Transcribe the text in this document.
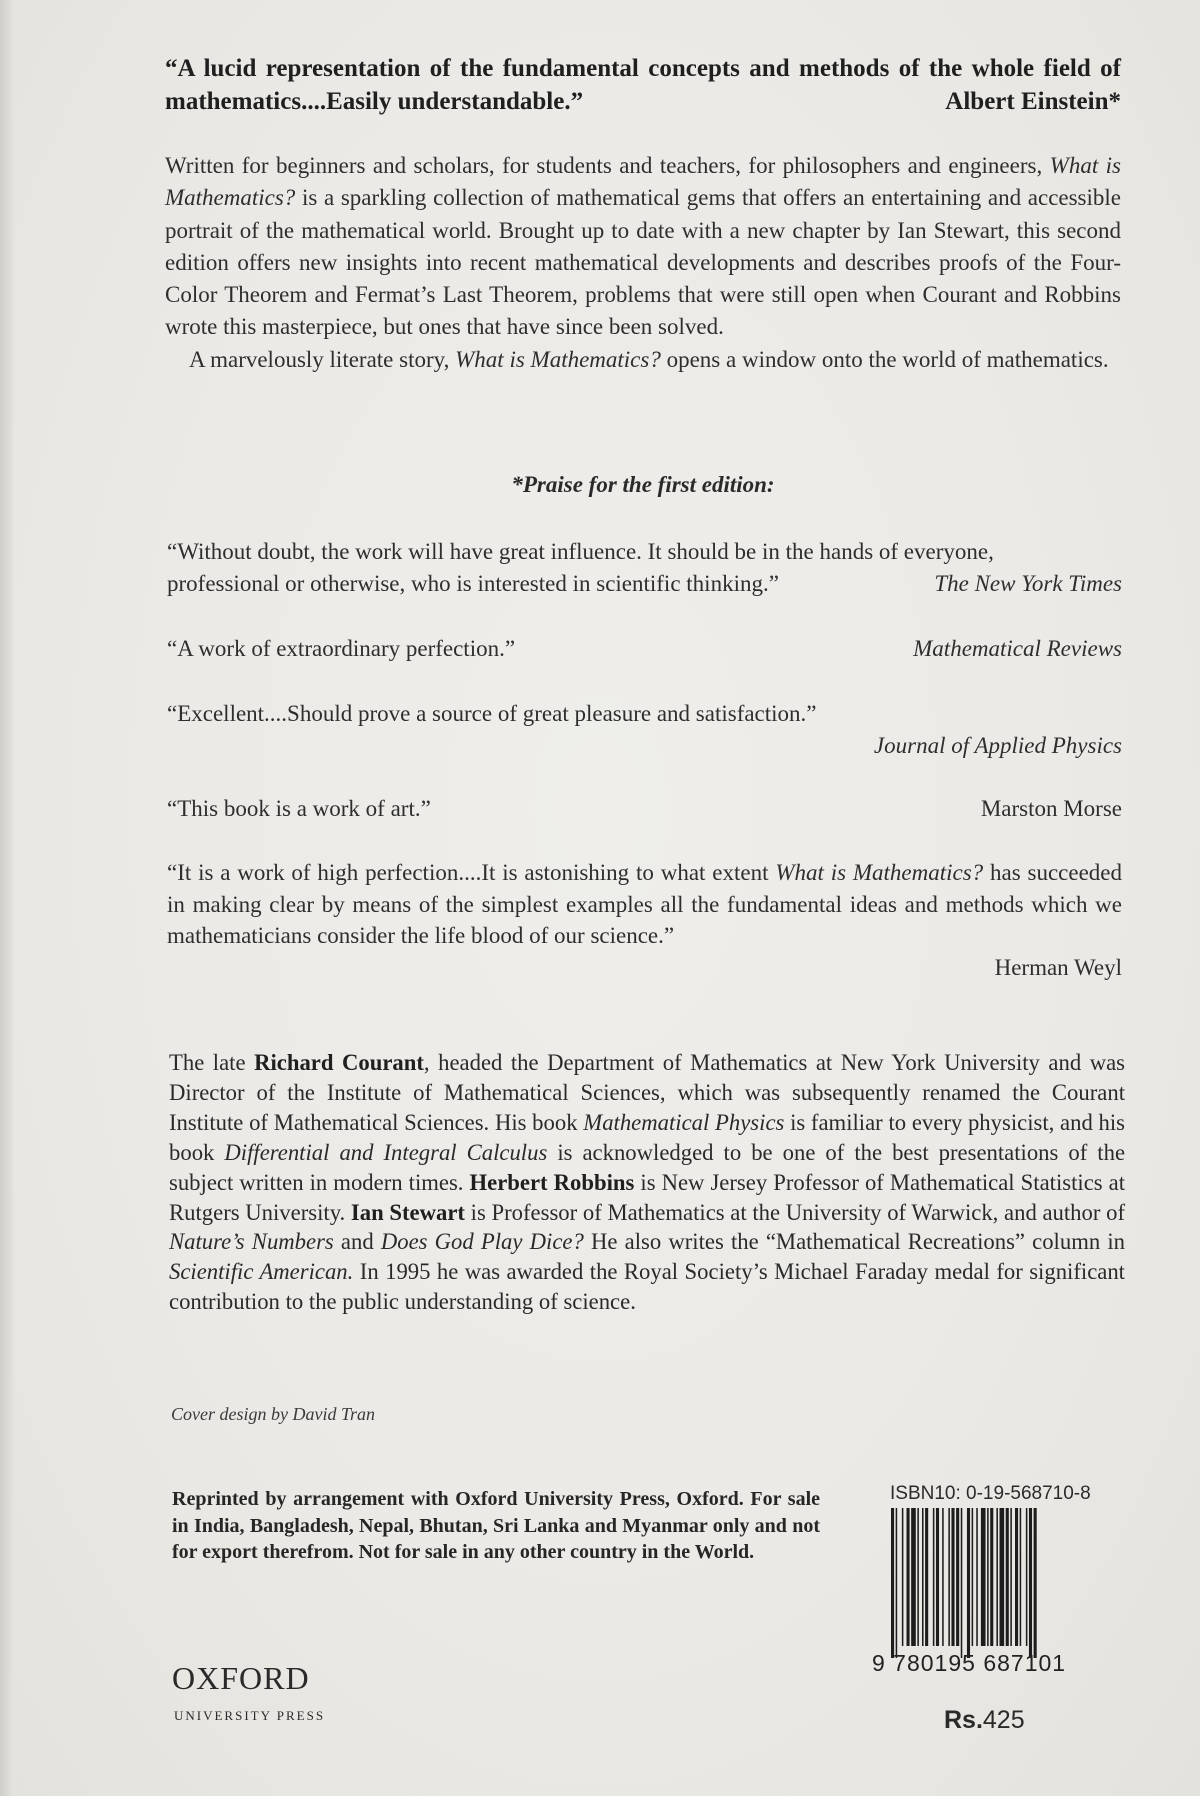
“A lucid representation of the fundamental concepts and methods of the whole field of mathematics....Easily understandable.”	Albert Einstein*

Written for beginners and scholars, for students and teachers, for philosophers and engineers, What is Mathematics? is a sparkling collection of mathematical gems that offers an entertaining and accessible portrait of the mathematical world. Brought up to date with a new chapter by Ian Stewart, this second edition offers new insights into recent mathematical developments and describes proofs of the Four-Color Theorem and Fermat’s Last Theorem, problems that were still open when Courant and Robbins wrote this masterpiece, but ones that have since been solved.

A marvelously literate story, What is Mathematics? opens a window onto the world of mathematics.

*Praise for the first edition:
“Without doubt, the work will have great influence. It should be in the hands of everyone,
professional or otherwise, who is interested in scientific thinking.”	The New York Times
“A work of extraordinary perfection.”	Mathematical Reviews
“Excellent....Should prove a source of great pleasure and satisfaction.”
Journal of Applied Physics
“This book is a work of art.”	Marston Morse
“It is a work of high perfection....It is astonishing to what extent What is Mathematics? has succeeded in making clear by means of the simplest examples all the fundamental ideas and methods which we mathematicians consider the life blood of our science.”
Herman Weyl
The late Richard Courant, headed the Department of Mathematics at New York University and was Director of the Institute of Mathematical Sciences, which was subsequently renamed the Courant Institute of Mathematical Sciences. His book Mathematical Physics is familiar to every physicist, and his book Differential and Integral Calculus is acknowledged to be one of the best presentations of the subject written in modern times. Herbert Robbins is New Jersey Professor of Mathematical Statistics at Rutgers University. Ian Stewart is Professor of Mathematics at the University of Warwick, and author of Nature’s Numbers and Does God Play Dice? He also writes the “Mathematical Recreations” column in Scientific American. In 1995 he was awarded the Royal Society’s Michael Faraday medal for significant contribution to the public understanding of science.
Cover design by David Tran
Reprinted by arrangement with Oxford University Press, Oxford. For sale in India, Bangladesh, Nepal, Bhutan, Sri Lanka and Myanmar only and not for export therefrom. Not for sale in any other country in the World.
OXFORD
UNIVERSITY PRESS
ISBN10: 0-19-568710-8
9 780195 687101
Rs.425
